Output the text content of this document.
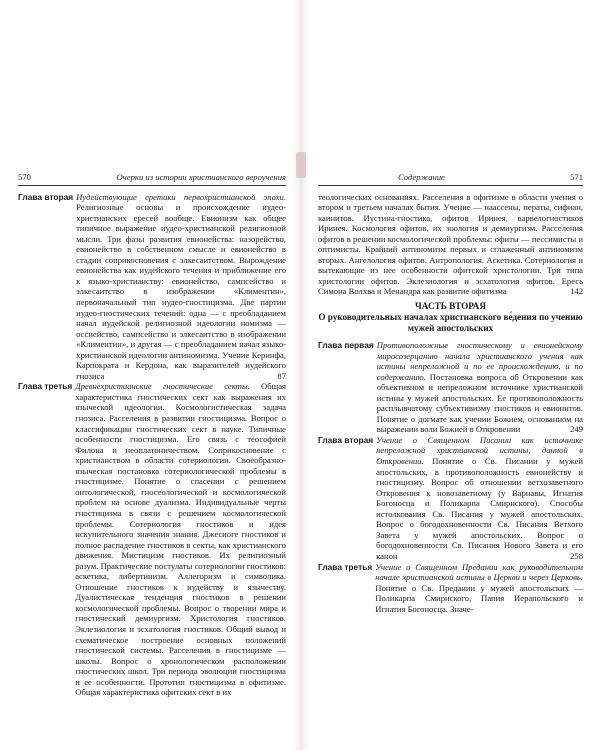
570	Очерки из истории христианского вероучения
Глава вторая Иудействующие еретики первохристианской эпохи. Религиозные основы и происхождение иудео-христианских ересей вообще. Евионизм как общее типичное выражение иудео-христианской религиозной мысли. Три фазы развития евионейства: назорейство, евионейство в собственном смысле и евионейство в стадии соприкосновения с элкесаитством. Вырождение евионейства как иудейского течения и приближение его к языко-христианству: евионейство, сампсейство и элкесаитство в изображении «Климентин», первоначальный тип иудео-гностицизма. Две партии иудео-гностических течений: одна — с преобладанием начал иудейской религиозной идеологии номизма — осснейство, сампсейство и элкесаитство в изображении «Климентин», и другая — с преобладанием начал языко-христианской идеологии антиномизма. Учение Керинфа, Карпократа и Кердона, как выразителей иудейского гнозиса	87
Глава третья Древнехристианские гностические секты. Общая характеристика гностических сект как выражения их языческой идеологии. Космологистическая задача гнозиса. Расселения в развитии гностицизма. Вопрос о классификации гностических сект в науке. Типичные особенности гностицизма. Его связь с теософией Филона и неоплатоничеством. Соприкосновение с христианством в области сотериологии. Своеобразно-языческая постановка сотериологической проблемы в гностицизме. Понятие о спасении с решением онтологической, гносеологической и космологической проблем на основе дуализма. Индивидуальные черты гностицизма в связи с решением космологической проблемы. Сотериология гностиков и идея искупительного значения знания. Джесиоге гностиков и полное распадение гностиков в секты, как христианского движения. Мистицизм гностиков. Их религиозный разум. Практические постулаты сотериологии гностиков: аскетика, либертинизм. Аллегоризм и символика. Отношение гностиков к иудейству и язычеству. Дуалистическая тенденция гностиков в решении космологической проблемы. Вопрос о творении мира и гностический демиургизм. Христология гностиков. Эклезиология и эсхатология гностиков. Общий вывод и схематическое построение основных положений гностической системы. Расселения в гностицизме — школы. Вопрос о хронологическом расположении гностических школ. Три периода эволюции гностицизма и ее особенности. Прототип гностицизма в офитизме. Общая характеристика офитских сект в их
Содержание	571

теологических основаниях. Расселения в офитизме в области учения о втором и третьем началах бытия. Учение — наассены, ператы, сифиан, каинитов. Иустина-гностика, офитов Иринея, варвелогностиков Иринея. Космология офитов, их зоология и демиургизм. Расселения офитов в решении космологической проблемы: офиты — пессимисты и оптимисты. Крайний антиномизм первых и сглаженный антиномизм вторых. Ангелология офитов. Антропология. Аскетика. Сотериология и вытекающие из нее особенности офитской христологии. Три типа христологии офитов. Эклезиология и эсхатология офитов. Ересь Симона Волхва и Менандра как развитие офитизма	142
ЧАСТЬ ВТОРАЯ
О руководительных началах христианского ве́дения по учению мужей апостольских
Глава первая Противоположные гностическому и евионейскому миросозерцанию начала христианского учения как истины непреложной и по ее происхождению, и по содержанию. Постановка вопроса об Откровении как объективном и непреложном источнике христианской истины у мужей апостольских. Ее противоположность расплывчатому субъективизму гностиков и евионитов. Понятие о догмате как учении Божием, основанном на выражении воли Божией в Откровении	249
Глава вторая Учение о Священном Писании как источнике непреложной христианской истины, данной в Откровении. Понятие о Св. Писании у мужей апостольских, в противоположность евионейству и гностицизму. Вопрос об отношении ветхозаветного Откровения к новозаветному (у Варнавы, Игнатия Богоносца и Поликарпа Смирнского). Способы истолкования Св. Писания у мужей апостольских. Вопрос о богодохновенности Св. Писания Ветхого Завета у мужей апостольских. Вопрос о богодохновенности Св. Писания Нового Завета и его канон	258
Глава третья Учение о Священном Предании как руководительном начале христианской истины в Церкви и через Церковь. Понятие о Св. Предании у мужей апостольских — Поликарпа Смирнского, Папия Иерапольского и Игнатия Богоносца. Значе-
